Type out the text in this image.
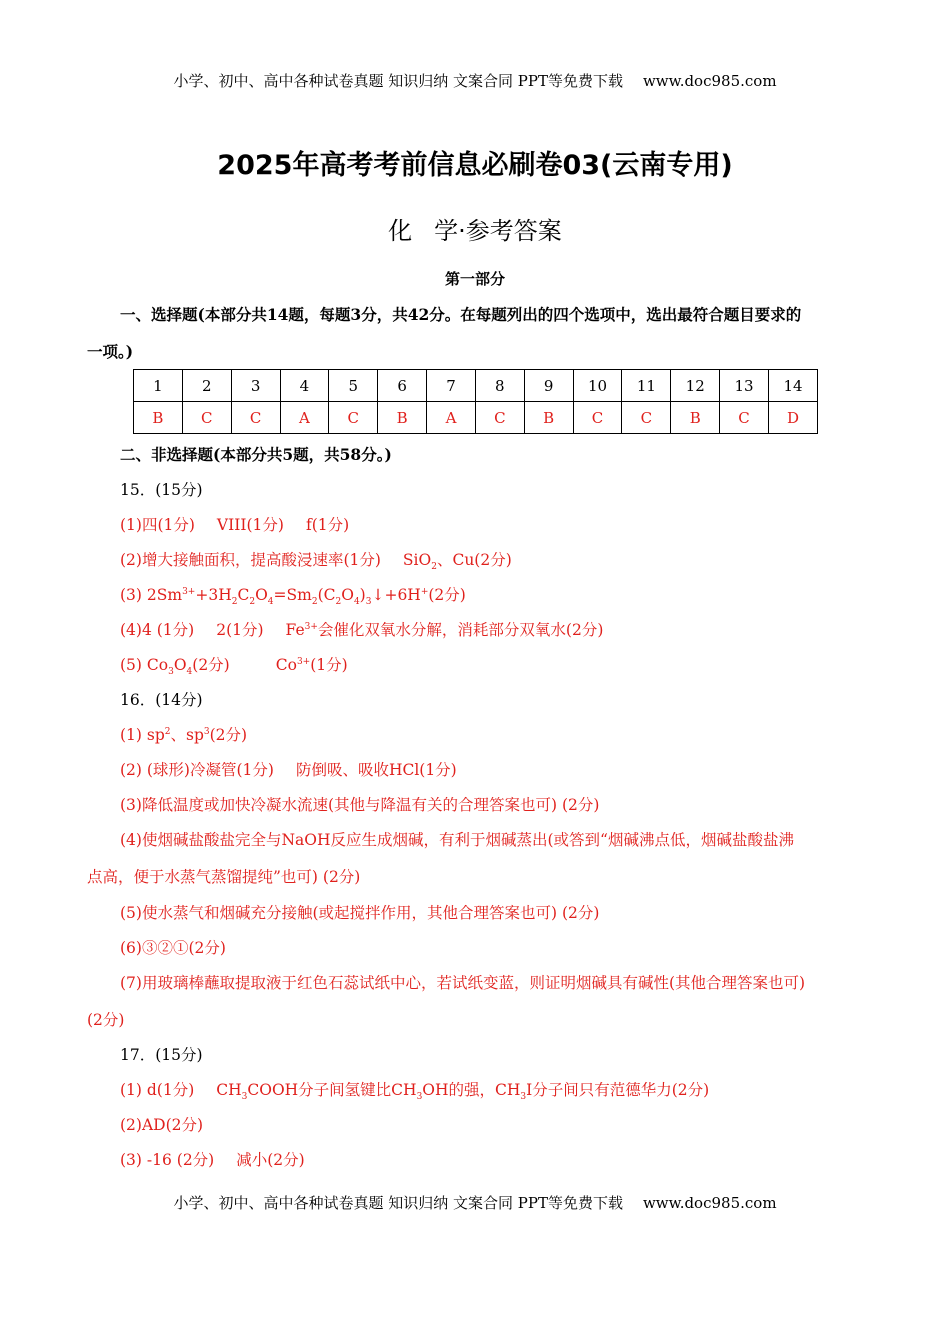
小学、初中、高中各种试卷真题 知识归纳 文案合同 PPT等免费下载 www.doc985.com
2025年高考考前信息必刷卷03(云南专用)
化 学·参考答案
第一部分
一、选择题(本部分共14题，每题3分，共42分。在每题列出的四个选项中，选出最符合题目要求的
一项。)
1	2	3	4	5	6	7	8	9	10	11	12	13	14
B	C	C	A	C	B	A	C	B	C	C	B	C	D
二、非选择题(本部分共5题，共58分。)
15．(15分)
(1)四(1分) VIII(1分) f(1分)
(2)增大接触面积，提高酸浸速率(1分) SiO$_2$、Cu(2分)
(3) $2Sm^{3+}+3H_2C_2O_4=Sm_2(C_2O_4)_3↓+6H^+(2$分)
(4)4 (1分) 2(1分) $Fe^{3+}$会催化双氧水分解，消耗部分双氧水(2分)
(5) $Co_3O_4(2$分)	$Co^{3+}(1$分)
16．(14分)
(1) $sp^2$、$sp^3(2$分)
(2) (球形)冷凝管(1分) 防倒吸、吸收HCl(1分)
(3)降低温度或加快冷凝水流速(其他与降温有关的合理答案也可) (2分)
(4)使烟碱盐酸盐完全与NaOH反应生成烟碱，有利于烟碱蒸出(或答到“烟碱沸点低，烟碱盐酸盐沸
点高，便于水蒸气蒸馏提纯”也可) (2分)
(5)使水蒸气和烟碱充分接触(或起搅拌作用，其他合理答案也可) (2分)
(6)③②①(2分)
(7)用玻璃棒蘸取提取液于红色石蕊试纸中心，若试纸变蓝，则证明烟碱具有碱性(其他合理答案也可)
(2分)
17．(15分)
(1) d(1分) $CH_3COOH$分子间氢键比$CH_3OH$的强，$CH_3I$分子间只有范德华力(2分)
(2)AD(2分)
(3) -16 (2分) 减小(2分)
小学、初中、高中各种试卷真题 知识归纳 文案合同 PPT等免费下载 www.doc985.com
